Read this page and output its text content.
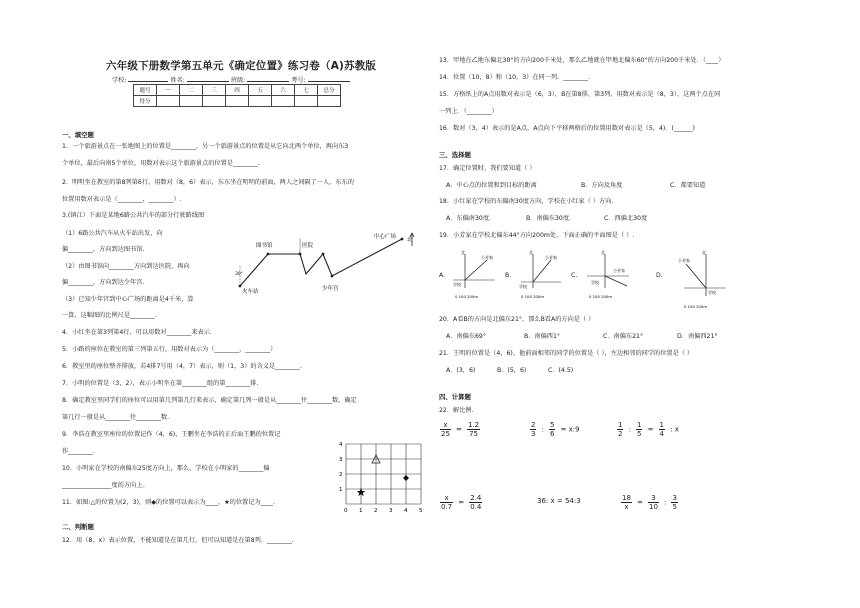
六年级下册数学第五单元《确定位置》练习卷（A)苏教版
学校:	姓名:	班级:	考号:
题号	一	二	三	四	五	六	七	总分
得分								
一、填空题
1．一个旅游景点在一张地图上的位置是________，另一个旅游景点的位置是从它向北两个单位，再向东3
个单位，最后向南5个单位，用数对表示这个旅游景点的位置是________.
2．明明坐在教室的第8列第6行，用数对（8，6）表示，东东坐在明明的前面，两人之间隔了一人，东东的
位置用数对表示是（________，________）.
3.(镇江）下面是某地6路公共汽车的部分行驶路线图
（1）6路公共汽车从火车站出发，向
偏________，方向到达图书馆.
（2）由图书馆向________方向到达医院，再向
偏________，方向到达少年宫.
（3）已知少年宫到中心广场的距离是4千米，算
一算，这幅图的比例尺是________.
图书馆	医院
中心广场 北
火车站	少年宫
30°
4．小红坐在第3列第4行，可以用数对________来表示.
5．小路的座位在教室的第三列第五行，用数对表示为（________，________）
6．教室里的座位整齐排放，若4排7号用（4，7）表示，则（1，3）的含义是________.
7．小明的位置是（3，2），表示小明坐在第________组的第________排.
8．确定教室里同学们的座位可以用第几列第几行来表示，确定第几列一般是从________往________数，确定
第几行一般是从________往________数.
9．李浩在教室里座位的位置记作（4，6)，王鹏坐在李浩的正后面王鹏的位置记
作________.
10．小明家在学校的南偏东25度方向上，那么，学校在小明家的________偏
________________度的方向上。
11．如图:△的位置为(2，3)，则◆的位置可以表示为____，★的位置记为____.
0 1 2 3 4 5
1
2
3
4
二、判断题
12．用（8，x）表示位置，不能知道是在第几行，但可以知道是在第8列．________.
13．甲地在乙地东偏北30°的方向200千米处，那么乙地就在甲地北偏东60°的方向200千米处．（____）
14．位置（10，8）和（10，3）在同一列．________.
15．方格纸上的A点用数对表示是（6，3），B在第8排、第3列，用数对表示是（8，3），这两个点在同
一列上．（________）
16．数对（3，4）表示的是A点，A点向下平移两格后的位置用数对表示是（5，4)．(______)
三、选择题
17．确定位置时，我们要知道（ ）
A．中心点的位置和到目标的距离	B．方向及角度	C．都要知道
18．小红家在学校的东偏南30度方向，学校在小红家（ ）方向.
A．东偏南30度．	B．南偏东30度．	C．西偏北30度
19．小芳家在学校北偏东44°方向200m处，下面正确的平面图是（ ）.
A.
北
学校
小芳家
0 100 200m
B.
北
学校
小芳家
0 100 200m
C.
北
学校
小芳家
0 100 200m
D.
北
学校
小芳家
0 100 200m
20．A看B的方向是北偏东21°，那么B看A的方向是（ ）
A．南偏东69°	B．南偏西1°	C．南偏东21°	D．南偏西21°
21．王明的位置是（4，6)，他前面相邻的同学的位置是（ ），左边相邻的同学的位置是（ ）
A．(3，6)	B．(5，6)	C．(4.5)
四、计算题
22．解比例．
$\frac{x}{25} = \frac{1.2}{75}$	$\frac{2}{3}$ : $\frac{5}{6}$ = x:9	$\frac{1}{2}$ : $\frac{1}{5} = \frac{1}{4}$ : x
$\frac{x}{0.7} = \frac{2.4}{0.4}$	36: x = 54:3	$\frac{18}{x} = \frac{3}{10}$ : $\frac{3}{5}$
